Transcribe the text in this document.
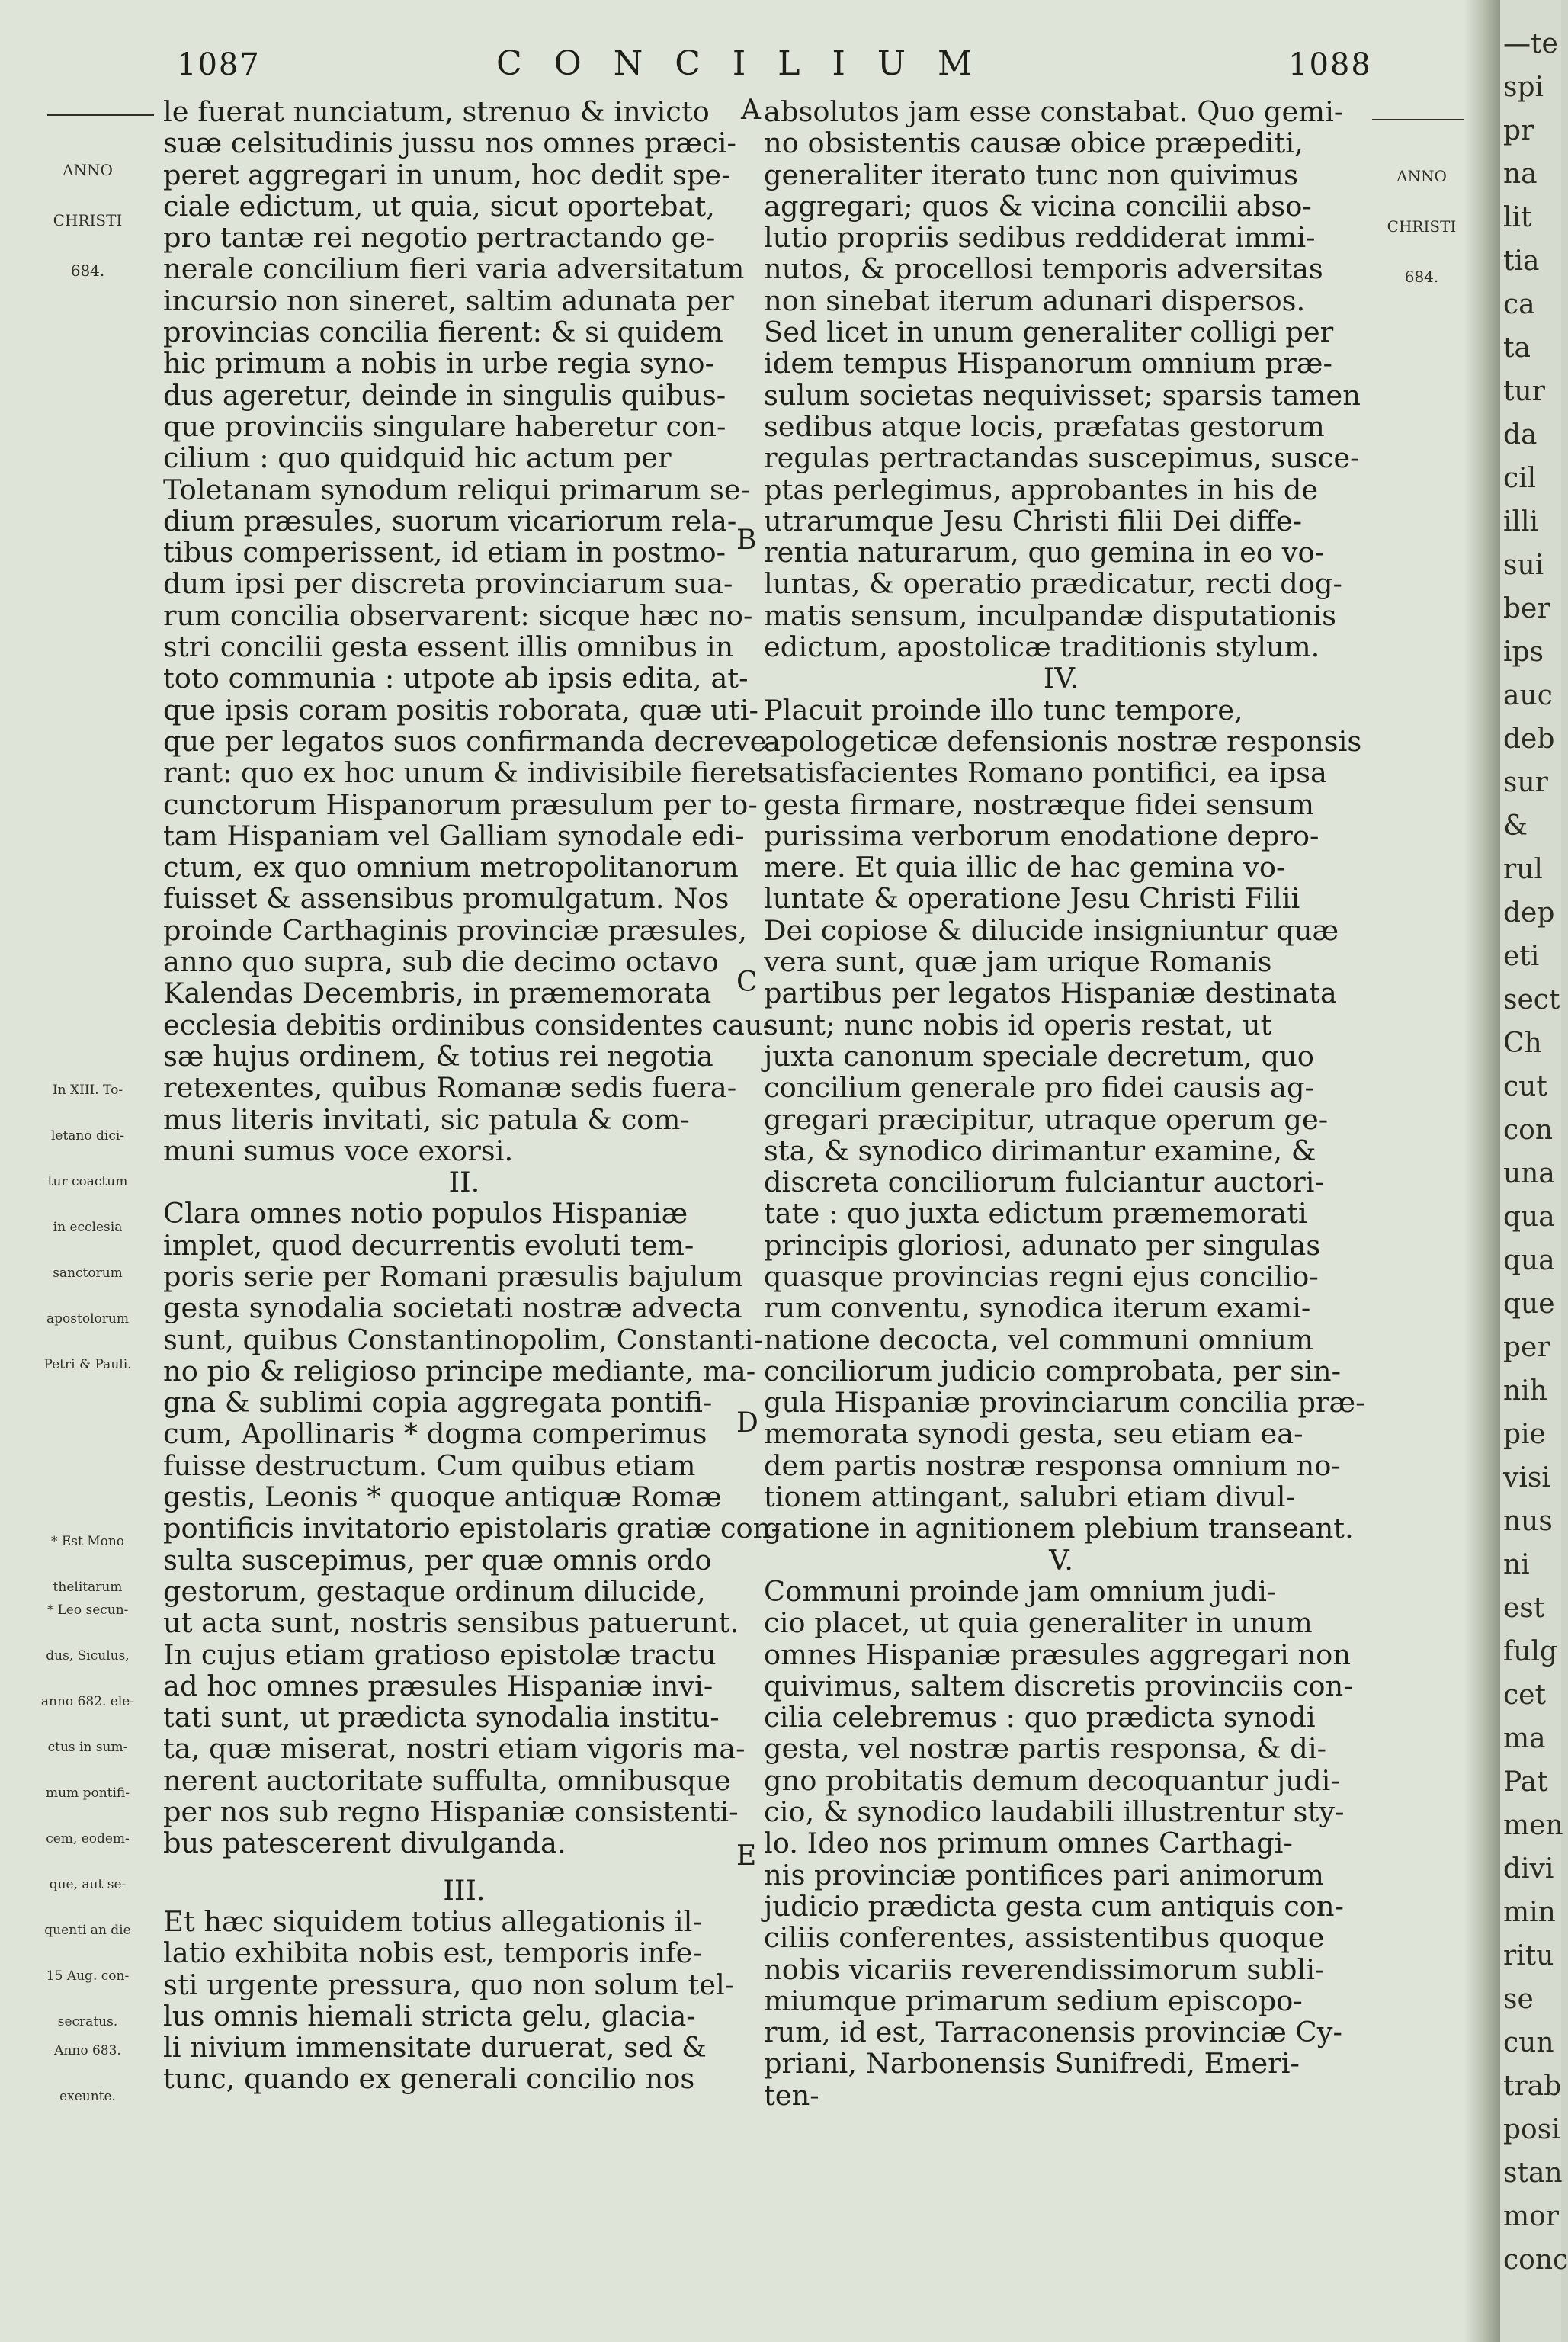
1087	CONCILIUM	1088

ANNO

CHRISTI

684.

ANNO

CHRISTI

684.

In XIII. To-

letano dici-

tur coactum

in ecclesia

sanctorum

apostolorum

Petri & Pauli.

* Est Mono

thelitarum

* Leo secun-

dus, Siculus,

anno 682. ele-

ctus in sum-

mum pontifi-

cem, eodem-

que, aut se-

quenti an die

15 Aug. con-

secratus.

Anno 683.

exeunte.

A
B
C
D
E
le fuerat nunciatum, strenuo & invicto
suæ celsitudinis jussu nos omnes præci-
peret aggregari in unum, hoc dedit spe-
ciale edictum, ut quia, sicut oportebat,
pro tantæ rei negotio pertractando ge-
nerale concilium fieri varia adversitatum
incursio non sineret, saltim adunata per
provincias concilia fierent: & si quidem
hic primum a nobis in urbe regia syno-
dus ageretur, deinde in singulis quibus-
que provinciis singulare haberetur con-
cilium : quo quidquid hic actum per
Toletanam synodum reliqui primarum se-
dium præsules, suorum vicariorum rela-
tibus comperissent, id etiam in postmo-
dum ipsi per discreta provinciarum sua-
rum concilia observarent: sicque hæc no-
stri concilii gesta essent illis omnibus in
toto communia : utpote ab ipsis edita, at-
que ipsis coram positis roborata, quæ uti-
que per legatos suos confirmanda decreve-
rant: quo ex hoc unum & indivisibile fieret
cunctorum Hispanorum præsulum per to-
tam Hispaniam vel Galliam synodale edi-
ctum, ex quo omnium metropolitanorum
fuisset & assensibus promulgatum. Nos
proinde Carthaginis provinciæ præsules,
anno quo supra, sub die decimo octavo
Kalendas Decembris, in præmemorata
ecclesia debitis ordinibus considentes cau-
sæ hujus ordinem, & totius rei negotia
retexentes, quibus Romanæ sedis fuera-
mus literis invitati, sic patula & com-
muni sumus voce exorsi.
II.
Clara omnes notio populos Hispaniæ
implet, quod decurrentis evoluti tem-
poris serie per Romani præsulis bajulum
gesta synodalia societati nostræ advecta
sunt, quibus Constantinopolim, Constanti-
no pio & religioso principe mediante, ma-
gna & sublimi copia aggregata pontifi-
cum, Apollinaris * dogma comperimus
fuisse destructum. Cum quibus etiam
gestis, Leonis * quoque antiquæ Romæ
pontificis invitatorio epistolaris gratiæ con-
sulta suscepimus, per quæ omnis ordo
gestorum, gestaque ordinum dilucide,
ut acta sunt, nostris sensibus patuerunt.
In cujus etiam gratioso epistolæ tractu
ad hoc omnes præsules Hispaniæ invi-
tati sunt, ut prædicta synodalia institu-
ta, quæ miserat, nostri etiam vigoris ma-
nerent auctoritate suffulta, omnibusque
per nos sub regno Hispaniæ consistenti-
bus patescerent divulganda.
III.
Et hæc siquidem totius allegationis il-
latio exhibita nobis est, temporis infe-
sti urgente pressura, quo non solum tel-
lus omnis hiemali stricta gelu, glacia-
li nivium immensitate duruerat, sed &
tunc, quando ex generali concilio nos
absolutos jam esse constabat. Quo gemi-
no obsistentis causæ obice præpediti,
generaliter iterato tunc non quivimus
aggregari; quos & vicina concilii abso-
lutio propriis sedibus reddiderat immi-
nutos, & procellosi temporis adversitas
non sinebat iterum adunari dispersos.
Sed licet in unum generaliter colligi per
idem tempus Hispanorum omnium præ-
sulum societas nequivisset; sparsis tamen
sedibus atque locis, præfatas gestorum
regulas pertractandas suscepimus, susce-
ptas perlegimus, approbantes in his de
utrarumque Jesu Christi filii Dei diffe-
rentia naturarum, quo gemina in eo vo-
luntas, & operatio prædicatur, recti dog-
matis sensum, inculpandæ disputationis
edictum, apostolicæ traditionis stylum.
IV.
Placuit proinde illo tunc tempore,
apologeticæ defensionis nostræ responsis
satisfacientes Romano pontifici, ea ipsa
gesta firmare, nostræque fidei sensum
purissima verborum enodatione depro-
mere. Et quia illic de hac gemina vo-
luntate & operatione Jesu Christi Filii
Dei copiose & dilucide insigniuntur quæ
vera sunt, quæ jam urique Romanis
partibus per legatos Hispaniæ destinata
sunt; nunc nobis id operis restat, ut
juxta canonum speciale decretum, quo
concilium generale pro fidei causis ag-
gregari præcipitur, utraque operum ge-
sta, & synodico dirimantur examine, &
discreta conciliorum fulciantur auctori-
tate : quo juxta edictum præmemorati
principis gloriosi, adunato per singulas
quasque provincias regni ejus concilio-
rum conventu, synodica iterum exami-
natione decocta, vel communi omnium
conciliorum judicio comprobata, per sin-
gula Hispaniæ provinciarum concilia præ-
memorata synodi gesta, seu etiam ea-
dem partis nostræ responsa omnium no-
tionem attingant, salubri etiam divul-
gatione in agnitionem plebium transeant.
V.
Communi proinde jam omnium judi-
cio placet, ut quia generaliter in unum
omnes Hispaniæ præsules aggregari non
quivimus, saltem discretis provinciis con-
cilia celebremus : quo prædicta synodi
gesta, vel nostræ partis responsa, & di-
gno probitatis demum decoquantur judi-
cio, & synodico laudabili illustrentur sty-
lo. Ideo nos primum omnes Carthagi-
nis provinciæ pontifices pari animorum
judicio prædicta gesta cum antiquis con-
ciliis conferentes, assistentibus quoque
nobis vicariis reverendissimorum subli-
miumque primarum sedium episcopo-
rum, id est, Tarraconensis provinciæ Cy-
priani, Narbonensis Sunifredi, Emeri-
ten-
—te
spi
pr
na
lit
tia
ca
ta
tur
da
cil
illi
sui
ber
ips
auc
deb
sur
&
rul
dep
eti
sect
Ch
cut
con
una
qua
qua
que
per
nih
pie
visi
nus
ni
est
fulg
cet
ma
Pat
men
divi
min
ritu
se
cun
trab
posi
stan
mor
conc
